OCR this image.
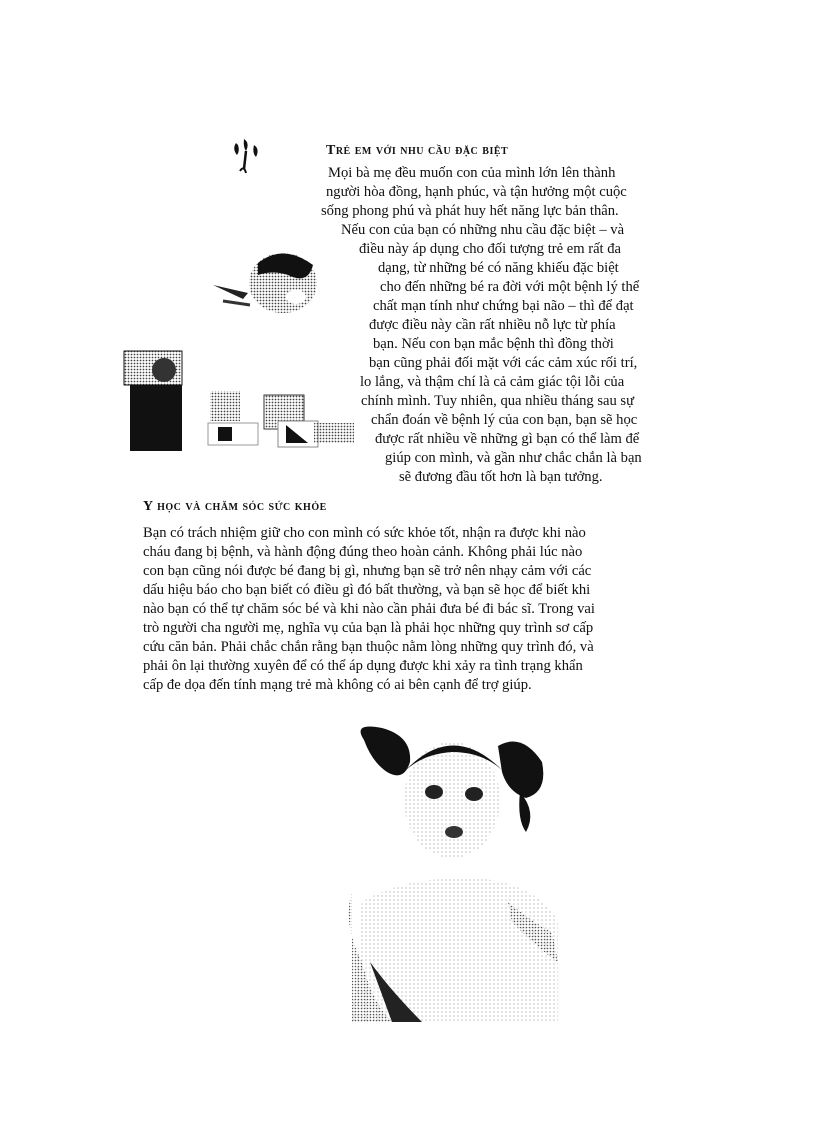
Trẻ em với nhu cầu đặc biệt
Mọi bà mẹ đều muốn con của mình lớn lên thành
người hòa đồng, hạnh phúc, và tận hưởng một cuộc
sống phong phú và phát huy hết năng lực bản thân.
Nếu con của bạn có những nhu cầu đặc biệt – và
điều này áp dụng cho đối tượng trẻ em rất đa
dạng, từ những bé có năng khiếu đặc biệt
cho đến những bé ra đời với một bệnh lý thể
chất mạn tính như chứng bại não – thì để đạt
được điều này cần rất nhiều nỗ lực từ phía
bạn. Nếu con bạn mắc bệnh thì đồng thời
bạn cũng phải đối mặt với các cảm xúc rối trí,
lo lắng, và thậm chí là cả cảm giác tội lỗi của
chính mình. Tuy nhiên, qua nhiều tháng sau sự
chẩn đoán về bệnh lý của con bạn, bạn sẽ học
được rất nhiều về những gì bạn có thể làm để
giúp con mình, và gần như chắc chắn là bạn
sẽ đương đầu tốt hơn là bạn tưởng.
Y học và chăm sóc sức khỏe
Bạn có trách nhiệm giữ cho con mình có sức khỏe tốt, nhận ra được khi nào
cháu đang bị bệnh, và hành động đúng theo hoàn cảnh. Không phải lúc nào
con bạn cũng nói được bé đang bị gì, nhưng bạn sẽ trở nên nhạy cảm với các
dấu hiệu báo cho bạn biết có điều gì đó bất thường, và bạn sẽ học để biết khi
nào bạn có thể tự chăm sóc bé và khi nào cần phải đưa bé đi bác sĩ. Trong vai
trò người cha người mẹ, nghĩa vụ của bạn là phải học những quy trình sơ cấp
cứu căn bản. Phải chắc chắn rằng bạn thuộc nằm lòng những quy trình đó, và
phải ôn lại thường xuyên để có thể áp dụng được khi xảy ra tình trạng khẩn
cấp đe dọa đến tính mạng trẻ mà không có ai bên cạnh để trợ giúp.
